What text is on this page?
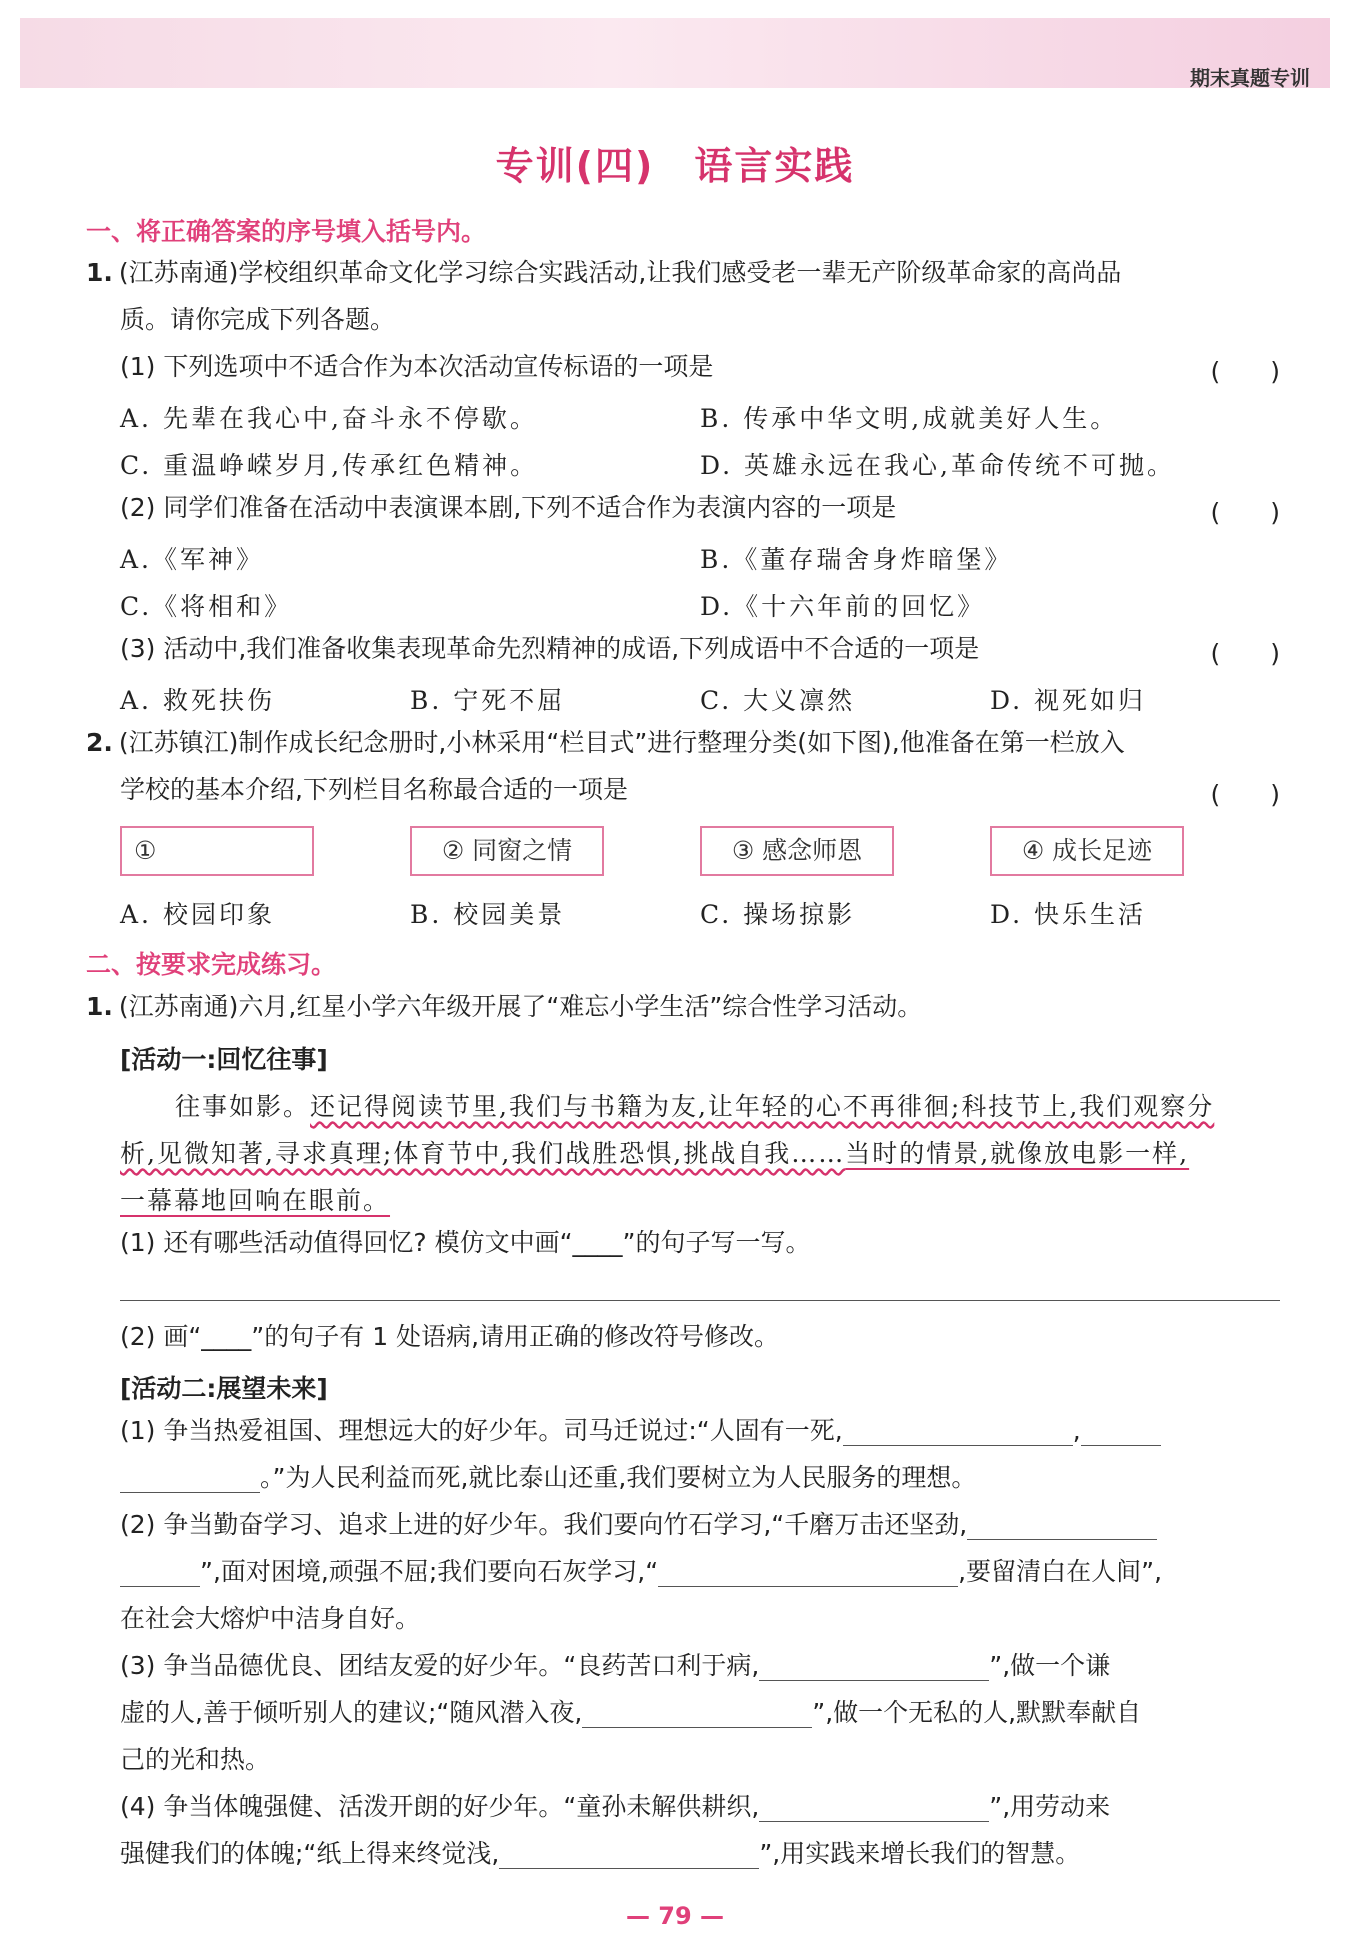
期末真题专训
专训(四)　语言实践
一、将正确答案的序号填入括号内。
1. (江苏南通)学校组织革命文化学习综合实践活动,让我们感受老一辈无产阶级革命家的高尚品
质。请你完成下列各题。
(1) 下列选项中不适合作为本次活动宣传标语的一项是	(　　)
A. 先辈在我心中,奋斗永不停歇。	B. 传承中华文明,成就美好人生。
C. 重温峥嵘岁月,传承红色精神。	D. 英雄永远在我心,革命传统不可抛。
(2) 同学们准备在活动中表演课本剧,下列不适合作为表演内容的一项是	(　　)
A.《军神》	B.《董存瑞舍身炸暗堡》
C.《将相和》	D.《十六年前的回忆》
(3) 活动中,我们准备收集表现革命先烈精神的成语,下列成语中不合适的一项是	(　　)
A. 救死扶伤	B. 宁死不屈	C. 大义凛然	D. 视死如归
2. (江苏镇江)制作成长纪念册时,小林采用“栏目式”进行整理分类(如下图),他准备在第一栏放入
学校的基本介绍,下列栏目名称最合适的一项是	(　　)
①	② 同窗之情	③ 感念师恩	④ 成长足迹
A. 校园印象	B. 校园美景	C. 操场掠影	D. 快乐生活
二、按要求完成练习。
1. (江苏南通)六月,红星小学六年级开展了“难忘小学生活”综合性学习活动。
[活动一:回忆往事]
往事如影。还记得阅读节里,我们与书籍为友,让年轻的心不再徘徊;科技节上,我们观察分
析,见微知著,寻求真理;体育节中,我们战胜恐惧,挑战自我……当时的情景,就像放电影一样,
一幕幕地回响在眼前。
(1) 还有哪些活动值得回忆? 模仿文中画“____”的句子写一写。
(2) 画“____”的句子有 1 处语病,请用正确的修改符号修改。
[活动二:展望未来]
(1) 争当热爱祖国、理想远大的好少年。司马迁说过:“人固有一死,	,
。”为人民利益而死,就比泰山还重,我们要树立为人民服务的理想。
(2) 争当勤奋学习、追求上进的好少年。我们要向竹石学习,“千磨万击还坚劲,
”,面对困境,顽强不屈;我们要向石灰学习,“	,要留清白在人间”,
在社会大熔炉中洁身自好。
(3) 争当品德优良、团结友爱的好少年。“良药苦口利于病,	”,做一个谦
虚的人,善于倾听别人的建议;“随风潜入夜,	”,做一个无私的人,默默奉献自
己的光和热。
(4) 争当体魄强健、活泼开朗的好少年。“童孙未解供耕织,	”,用劳动来
强健我们的体魄;“纸上得来终觉浅,	”,用实践来增长我们的智慧。
— 79 —
